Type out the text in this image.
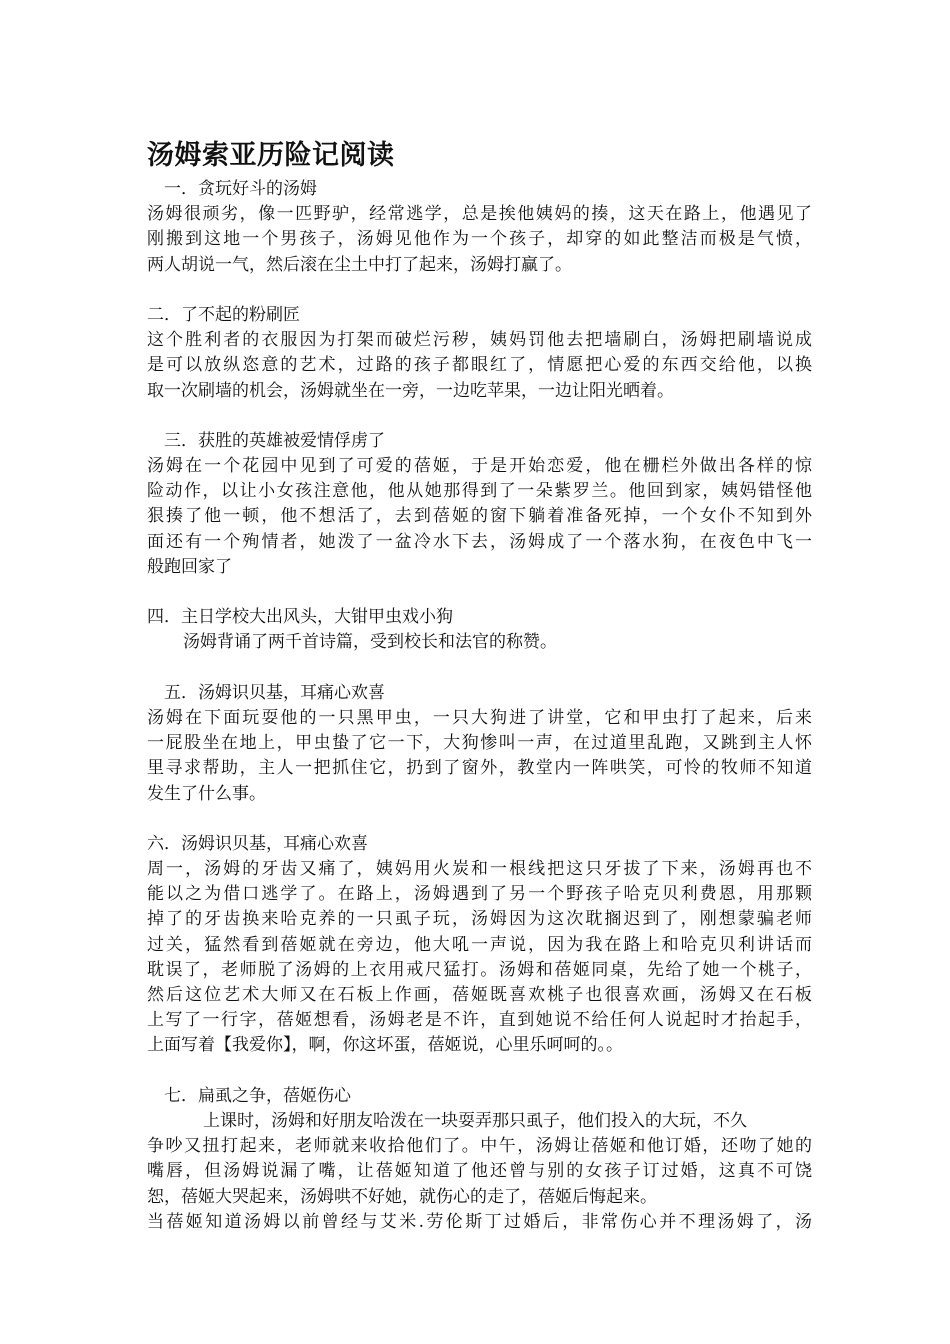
汤姆索亚历险记阅读
一．贪玩好斗的汤姆
汤姆很顽劣，像一匹野驴，经常逃学，总是挨他姨妈的揍，这天在路上，他遇见了
刚搬到这地一个男孩子，汤姆见他作为一个孩子，却穿的如此整洁而极是气愤，
两人胡说一气，然后滚在尘土中打了起来，汤姆打赢了。
二．了不起的粉刷匠
这个胜利者的衣服因为打架而破烂污秽，姨妈罚他去把墙刷白，汤姆把刷墙说成
是可以放纵恣意的艺术，过路的孩子都眼红了，情愿把心爱的东西交给他，以换
取一次刷墙的机会，汤姆就坐在一旁，一边吃苹果，一边让阳光晒着。
三．获胜的英雄被爱情俘虏了
汤姆在一个花园中见到了可爱的蓓姬，于是开始恋爱，他在栅栏外做出各样的惊
险动作，以让小女孩注意他，他从她那得到了一朵紫罗兰。他回到家，姨妈错怪他
狠揍了他一顿，他不想活了，去到蓓姬的窗下躺着准备死掉，一个女仆不知到外
面还有一个殉情者，她泼了一盆冷水下去，汤姆成了一个落水狗，在夜色中飞一
般跑回家了
四．主日学校大出风头，大钳甲虫戏小狗
汤姆背诵了两千首诗篇，受到校长和法官的称赞。
五．汤姆识贝基，耳痛心欢喜
汤姆在下面玩耍他的一只黑甲虫，一只大狗进了讲堂，它和甲虫打了起来，后来
一屁股坐在地上，甲虫蛰了它一下，大狗惨叫一声，在过道里乱跑，又跳到主人怀
里寻求帮助，主人一把抓住它，扔到了窗外，教堂内一阵哄笑，可怜的牧师不知道
发生了什么事。
六．汤姆识贝基，耳痛心欢喜
周一，汤姆的牙齿又痛了，姨妈用火炭和一根线把这只牙拔了下来，汤姆再也不
能以之为借口逃学了。在路上，汤姆遇到了另一个野孩子哈克贝利费恩，用那颗
掉了的牙齿换来哈克养的一只虱子玩，汤姆因为这次耽搁迟到了，刚想蒙骗老师
过关，猛然看到蓓姬就在旁边，他大吼一声说，因为我在路上和哈克贝利讲话而
耽误了，老师脱了汤姆的上衣用戒尺猛打。汤姆和蓓姬同桌，先给了她一个桃子，
然后这位艺术大师又在石板上作画，蓓姬既喜欢桃子也很喜欢画，汤姆又在石板
上写了一行字，蓓姬想看，汤姆老是不许，直到她说不给任何人说起时才抬起手，
上面写着【我爱你】，啊，你这坏蛋，蓓姬说，心里乐呵呵的。。
七．扁虱之争，蓓姬伤心
上课时，汤姆和好朋友哈泼在一块耍弄那只虱子，他们投入的大玩，不久
争吵又扭打起来，老师就来收拾他们了。中午，汤姆让蓓姬和他订婚，还吻了她的
嘴唇，但汤姆说漏了嘴，让蓓姬知道了他还曾与别的女孩子订过婚，这真不可饶
恕，蓓姬大哭起来，汤姆哄不好她，就伤心的走了，蓓姬后悔起来。
当蓓姬知道汤姆以前曾经与艾米.劳伦斯丁过婚后，非常伤心并不理汤姆了，汤
